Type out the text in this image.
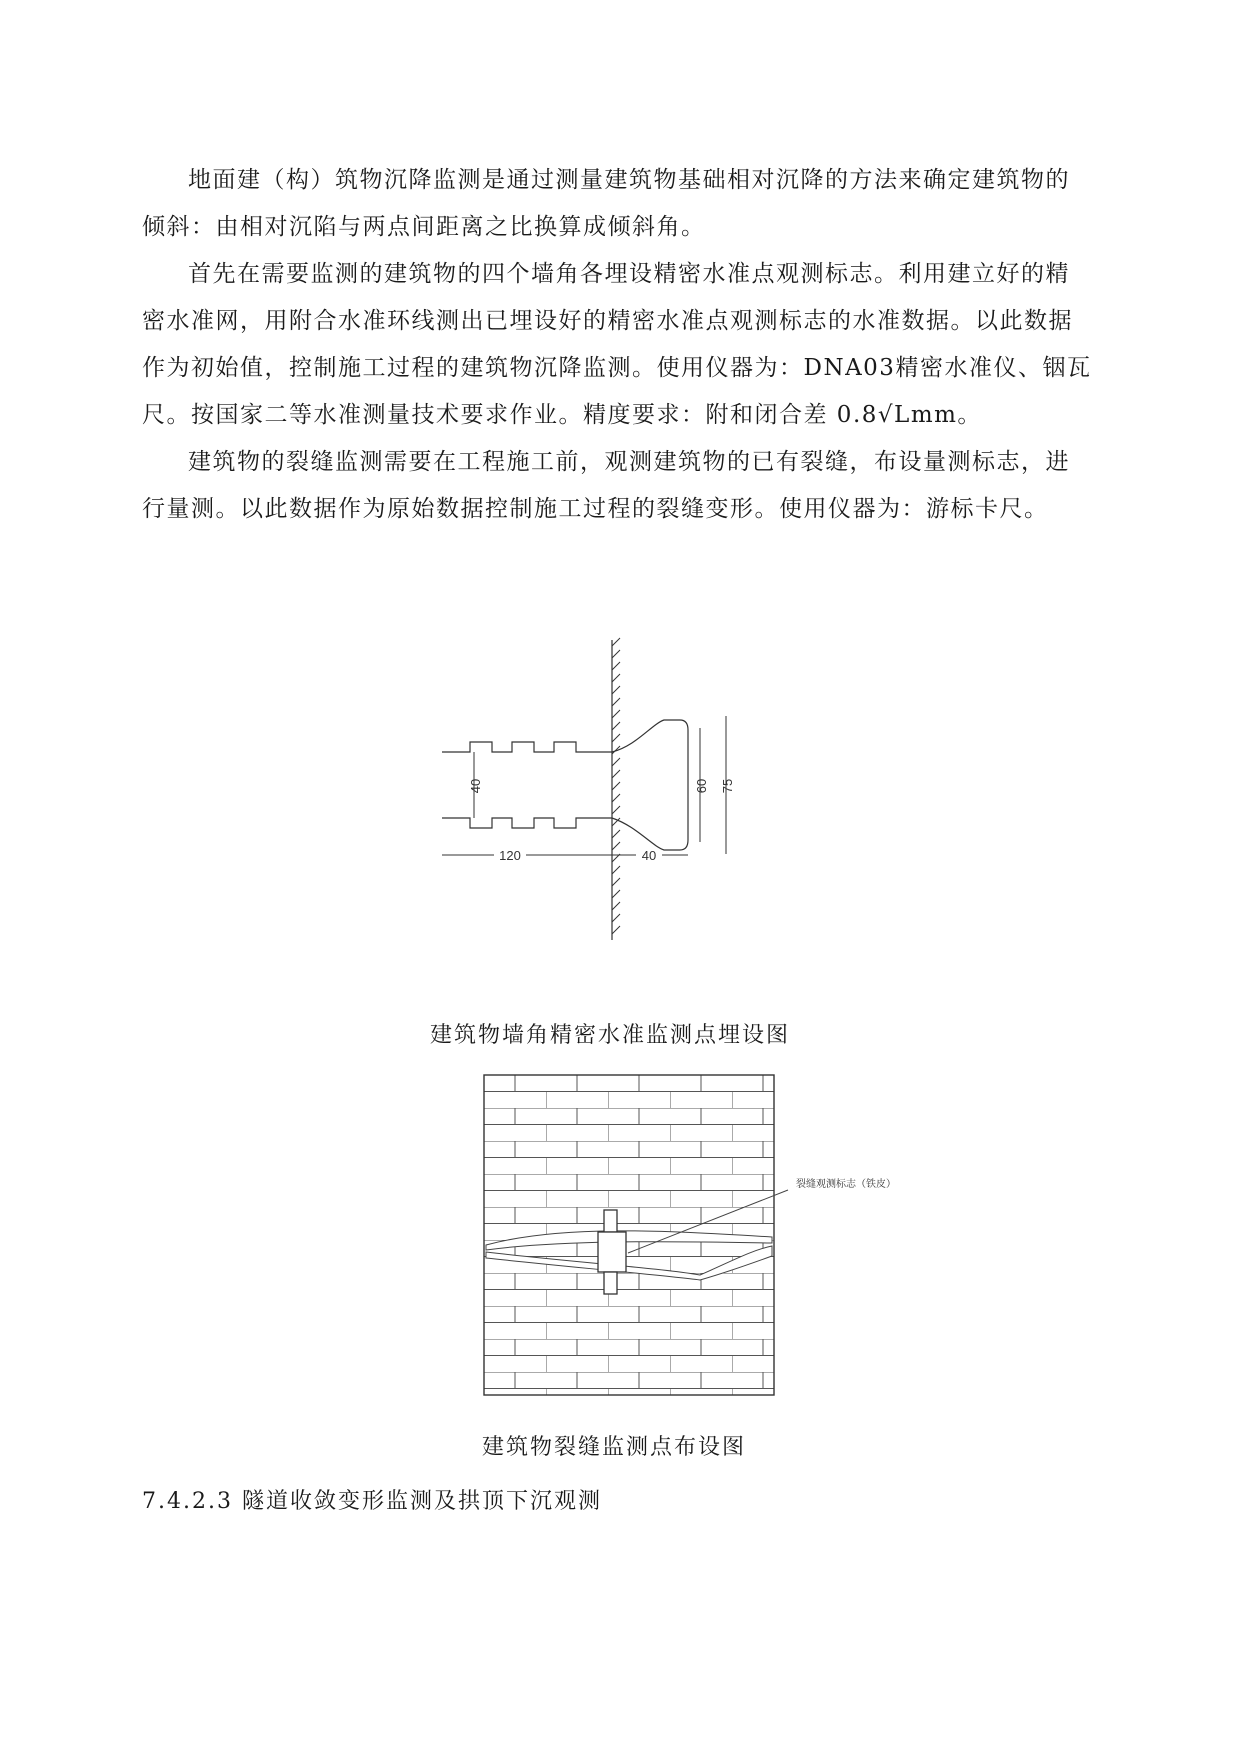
地面建（构）筑物沉降监测是通过测量建筑物基础相对沉降的方法来确定建筑物的
倾斜：由相对沉陷与两点间距离之比换算成倾斜角。
首先在需要监测的建筑物的四个墙角各埋设精密水准点观测标志。利用建立好的精
密水准网，用附合水准环线测出已埋设好的精密水准点观测标志的水准数据。以此数据
作为初始值，控制施工过程的建筑物沉降监测。使用仪器为：DNA03精密水准仪、铟瓦
尺。按国家二等水准测量技术要求作业。精度要求：附和闭合差 0.8√Lmm。
建筑物的裂缝监测需要在工程施工前，观测建筑物的已有裂缝，布设量测标志，进
行量测。以此数据作为原始数据控制施工过程的裂缝变形。使用仪器为：游标卡尺。
40	60 75
120	40
建筑物墙角精密水准监测点埋设图
裂缝观测标志（铁皮）
建筑物裂缝监测点布设图
7.4.2.3 隧道收敛变形监测及拱顶下沉观测
